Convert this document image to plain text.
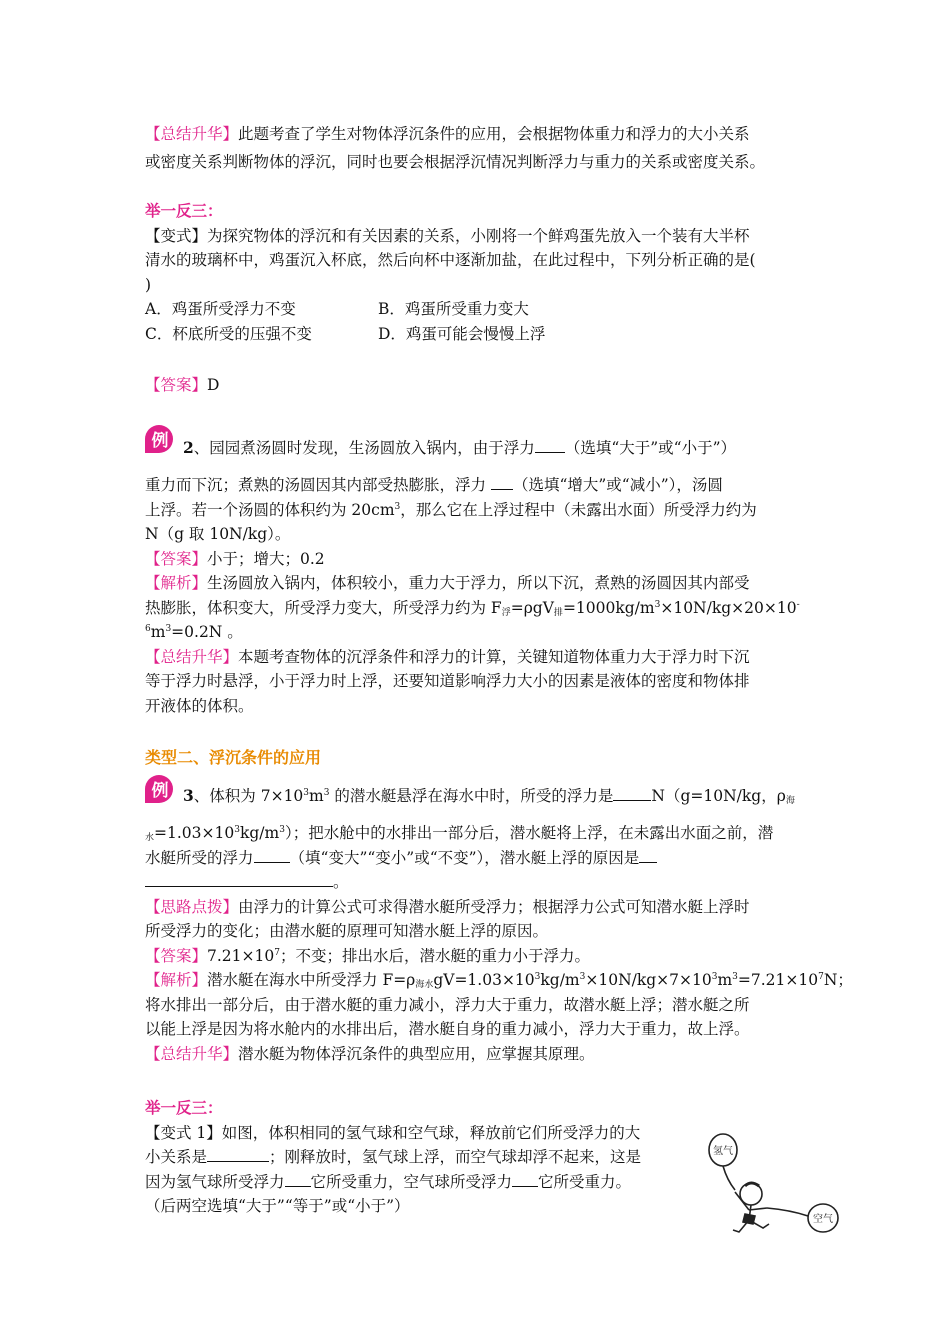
【总结升华】此题考查了学生对物体浮沉条件的应用，会根据物体重力和浮力的大小关系
或密度关系判断物体的浮沉，同时也要会根据浮沉情况判断浮力与重力的关系或密度关系。
举一反三：
【变式】为探究物体的浮沉和有关因素的关系，小刚将一个鲜鸡蛋先放入一个装有大半杯
清水的玻璃杯中，鸡蛋沉入杯底，然后向杯中逐渐加盐，在此过程中，下列分析正确的是(
)
A．鸡蛋所受浮力不变	B．鸡蛋所受重力变大
C．杯底所受的压强不变	D．鸡蛋可能会慢慢上浮
【答案】D
例 2、园园煮汤圆时发现，生汤圆放入锅内，由于浮力 （选填“大于”或“小于”）
重力而下沉；煮熟的汤圆因其内部受热膨胀，浮力 （选填“增大”或“减小”），汤圆
上浮。若一个汤圆的体积约为 $20cm^3$，那么它在上浮过程中（未露出水面）所受浮力约为
N（g 取 10N/kg）。
【答案】小于；增大；0.2
【解析】生汤圆放入锅内，体积较小，重力大于浮力，所以下沉，煮熟的汤圆因其内部受
热膨胀，体积变大，所受浮力变大，所受浮力约为 $F_浮=\rho gV_排=1000kg/m^3\times 10N/kg\times 20\times 10^-$
$^6m^3=0.2N$ 。
【总结升华】本题考查物体的沉浮条件和浮力的计算，关键知道物体重力大于浮力时下沉
等于浮力时悬浮，小于浮力时上浮，还要知道影响浮力大小的因素是液体的密度和物体排
开液体的体积。
类型二、浮沉条件的应用
例 3、体积为 $7\times 10^3m^3$ 的潜水艇悬浮在海水中时，所受的浮力是 N（g=10N/kg，$\rho_海$
$_水=1.03\times 10^3kg/m^3$）；把水舱中的水排出一部分后，潜水艇将上浮，在未露出水面之前，潜
水艇所受的浮力 （填“变大”“变小”或“不变”），潜水艇上浮的原因是
。
【思路点拨】由浮力的计算公式可求得潜水艇所受浮力；根据浮力公式可知潜水艇上浮时
所受浮力的变化；由潜水艇的原理可知潜水艇上浮的原因。
【答案】$7.21\times 10^7$；不变；排出水后，潜水艇的重力小于浮力。
【解析】潜水艇在海水中所受浮力 $F=\rho_{海水}gV=1.03\times 10^3kg/m^3\times 10N/kg\times 7\times 10^3m^3=7.21\times 10^7N$；
将水排出一部分后，由于潜水艇的重力减小，浮力大于重力，故潜水艇上浮；潜水艇之所
以能上浮是因为将水舱内的水排出后，潜水艇自身的重力减小，浮力大于重力，故上浮。
【总结升华】潜水艇为物体浮沉条件的典型应用，应掌握其原理。
举一反三：
【变式 1】如图，体积相同的氢气球和空气球，释放前它们所受浮力的大
小关系是	；刚释放时，氢气球上浮，而空气球却浮不起来，这是
因为氢气球所受浮力 它所受重力，空气球所受浮力 它所受重力。
（后两空选填“大于”“等于”或“小于”）
氢气
空气
